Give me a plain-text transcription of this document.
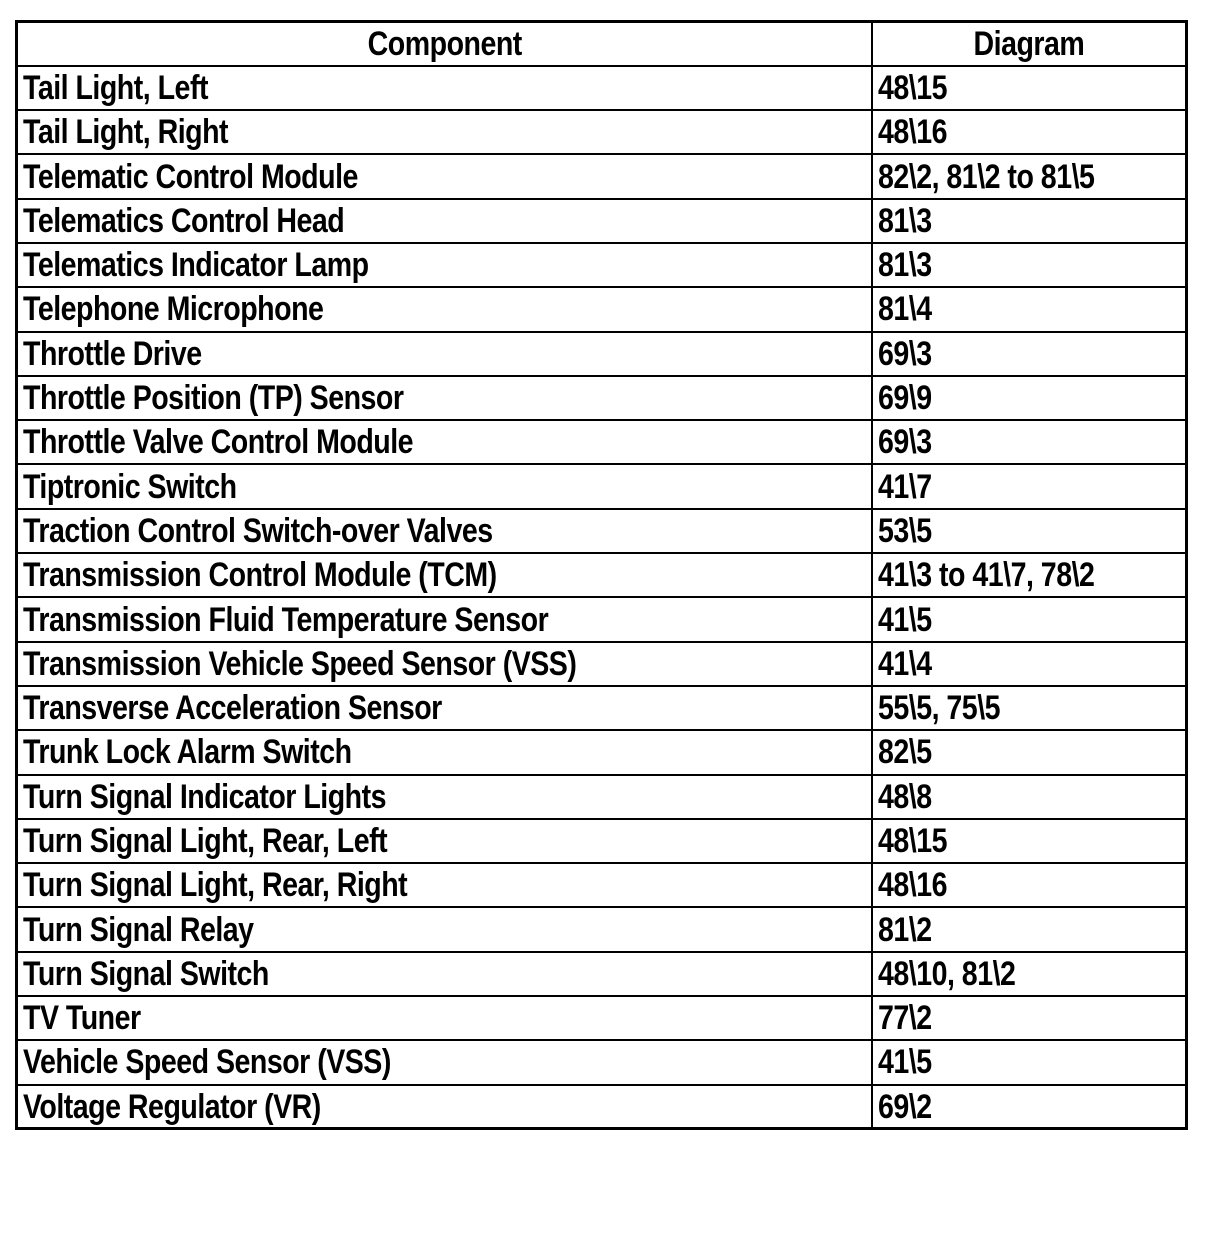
Component	Diagram
Tail Light, Left	48\15
Tail Light, Right	48\16
Telematic Control Module	82\2, 81\2 to 81\5
Telematics Control Head	81\3
Telematics Indicator Lamp	81\3
Telephone Microphone	81\4
Throttle Drive	69\3
Throttle Position (TP) Sensor	69\9
Throttle Valve Control Module	69\3
Tiptronic Switch	41\7
Traction Control Switch-over Valves	53\5
Transmission Control Module (TCM)	41\3 to 41\7, 78\2
Transmission Fluid Temperature Sensor	41\5
Transmission Vehicle Speed Sensor (VSS)	41\4
Transverse Acceleration Sensor	55\5, 75\5
Trunk Lock Alarm Switch	82\5
Turn Signal Indicator Lights	48\8
Turn Signal Light, Rear, Left	48\15
Turn Signal Light, Rear, Right	48\16
Turn Signal Relay	81\2
Turn Signal Switch	48\10, 81\2
TV Tuner	77\2
Vehicle Speed Sensor (VSS)	41\5
Voltage Regulator (VR)	69\2
